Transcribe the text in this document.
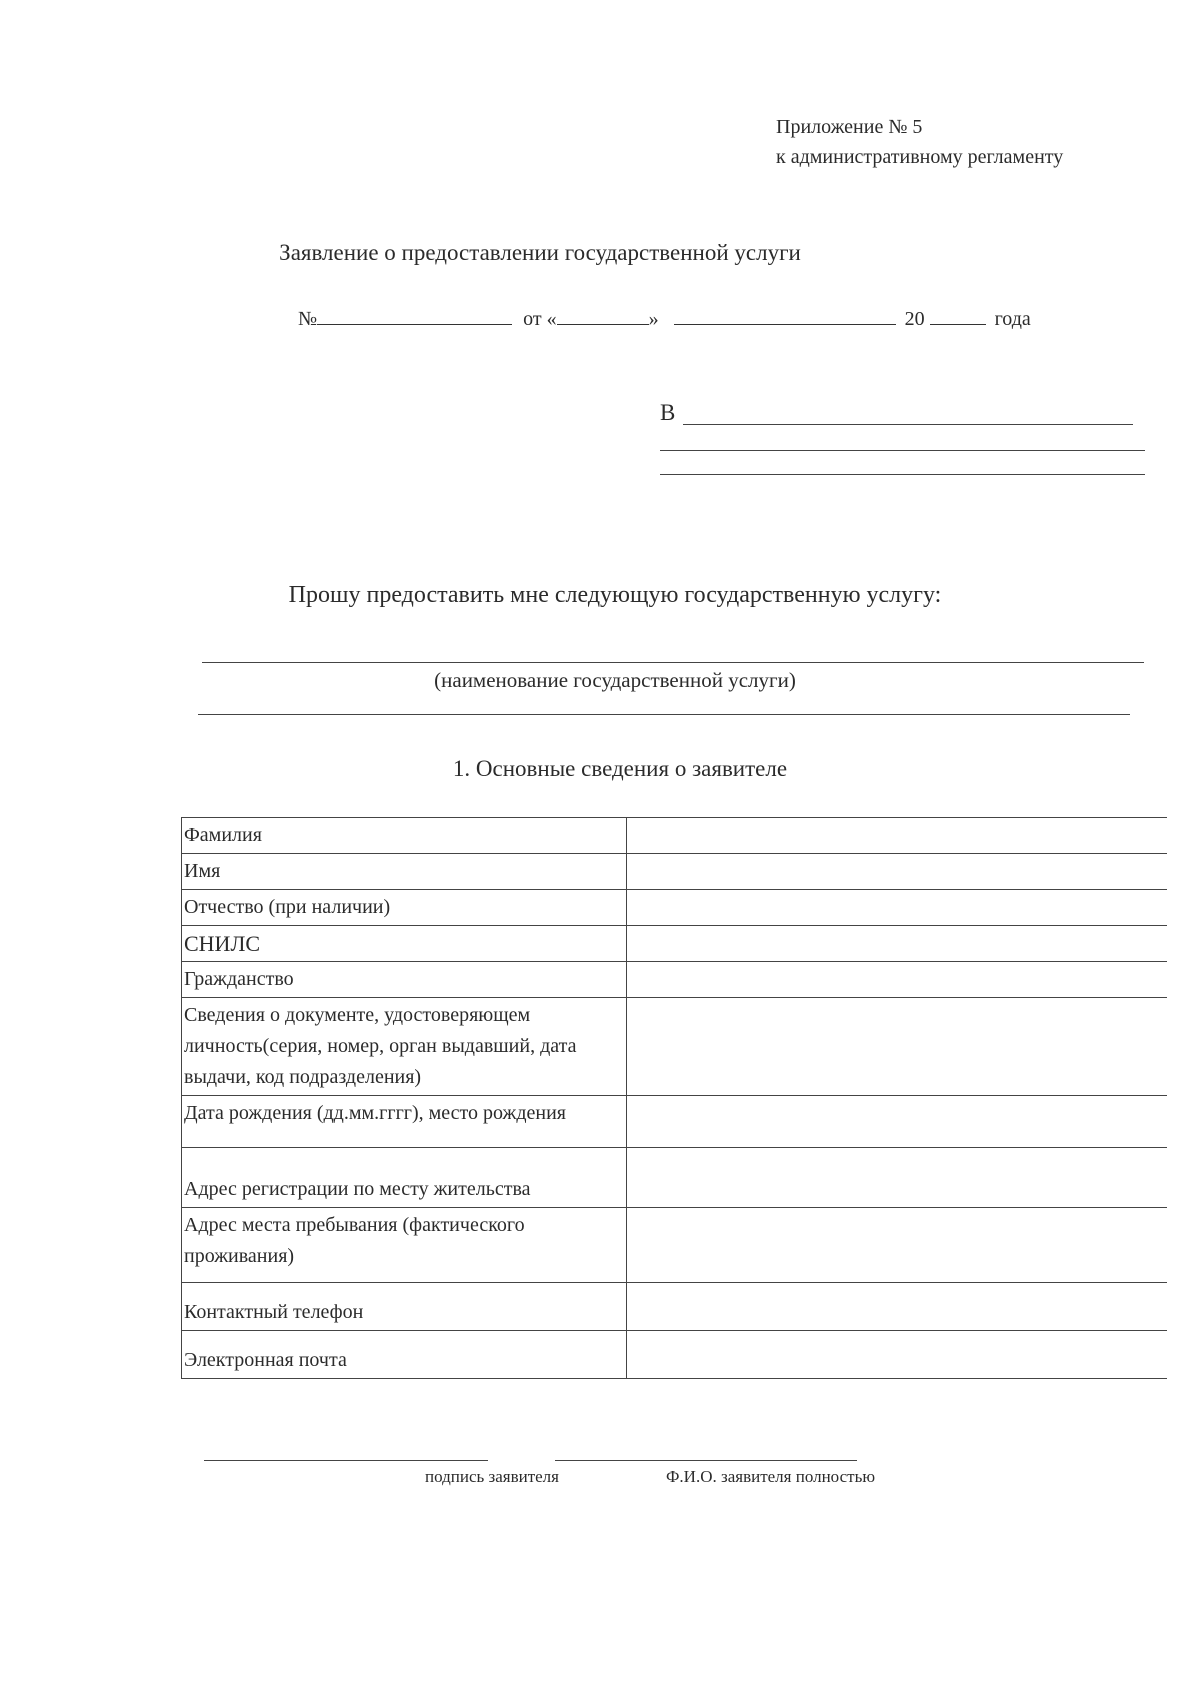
Приложение № 5
к административному регламенту
Заявление о предоставлении государственной услуги
№	от «	»	20	года
В
Прошу предоставить мне следующую государственную услугу:
(наименование государственной услуги)
1. Основные сведения о заявителе
Фамилия	
Имя	
Отчество (при наличии)	
СНИЛС	
Гражданство	
Сведения о документе, удостоверяющем личность(серия, номер, орган выдавший, дата выдачи, код подразделения)	
Дата рождения (дд.мм.гггг), место рождения	
Адрес регистрации по месту жительства	
Адрес места пребывания (фактического проживания)	
Контактный телефон	
Электронная почта	
подпись заявителя	Ф.И.О. заявителя полностью
